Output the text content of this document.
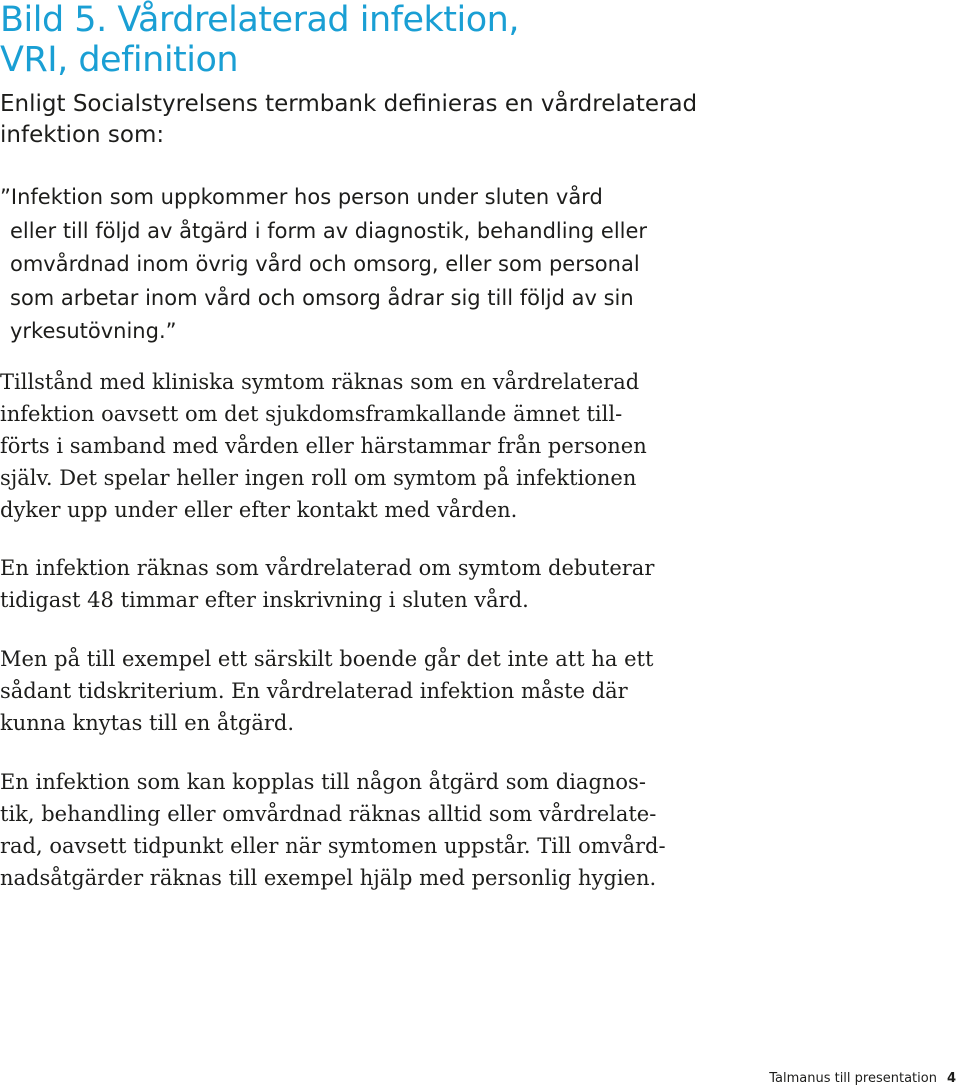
Bild 5. Vårdrelaterad infektion,
VRI, definition

Enligt Socialstyrelsens termbank definieras en vårdrelaterad
infektion som:

”Infektion som uppkommer hos person under sluten vård
eller till följd av åtgärd i form av diagnostik, behandling eller
omvårdnad inom övrig vård och omsorg, eller som personal
som arbetar inom vård och omsorg ådrar sig till följd av sin
yrkesutövning.”

Tillstånd med kliniska symtom räknas som en vårdrelaterad
infektion oavsett om det sjukdomsframkallande ämnet till-
förts i samband med vården eller härstammar från personen
själv. Det spelar heller ingen roll om symtom på infektionen
dyker upp under eller efter kontakt med vården.

En infektion räknas som vårdrelaterad om symtom debuterar
tidigast 48 timmar efter inskrivning i sluten vård.

Men på till exempel ett särskilt boende går det inte att ha ett
sådant tidskriterium. En vårdrelaterad infektion måste där
kunna knytas till en åtgärd.

En infektion som kan kopplas till någon åtgärd som diagnos-
tik, behandling eller omvårdnad räknas alltid som vårdrelate-
rad, oavsett tidpunkt eller när symtomen uppstår. Till omvård-
nadsåtgärder räknas till exempel hjälp med personlig hygien.

Talmanus till presentation 4
